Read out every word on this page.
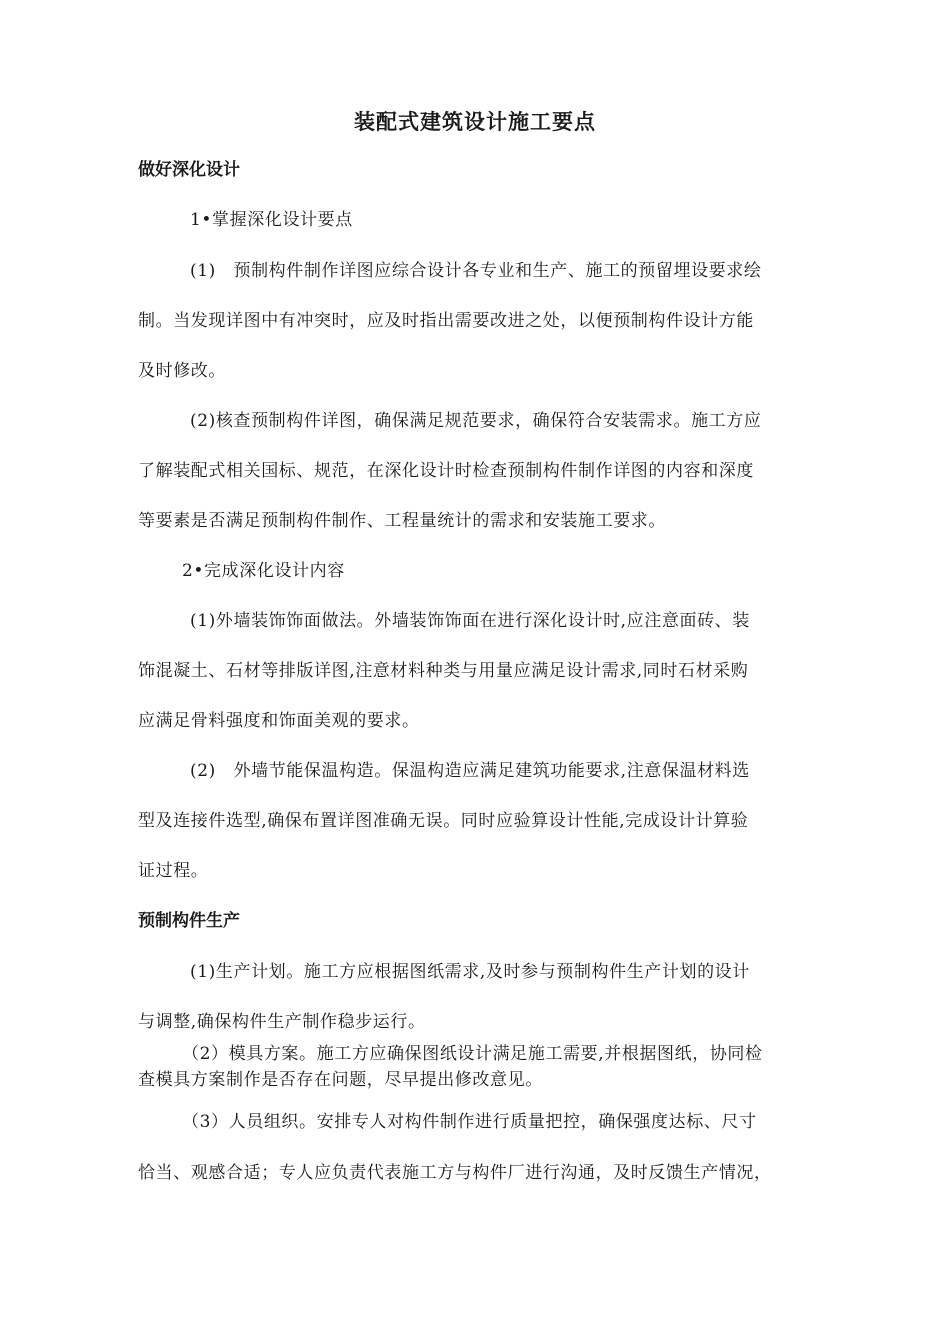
装配式建筑设计施工要点
做好深化设计

1•掌握深化设计要点

(1)　预制构件制作详图应综合设计各专业和生产、施工的预留埋设要求绘

制。当发现详图中有冲突时，应及时指出需要改进之处，以便预制构件设计方能

及时修改。

(2)核查预制构件详图，确保满足规范要求，确保符合安装需求。施工方应

了解装配式相关国标、规范，在深化设计时检查预制构件制作详图的内容和深度

等要素是否满足预制构件制作、工程量统计的需求和安装施工要求。

2•完成深化设计内容

(1)外墙装饰饰面做法。外墙装饰饰面在进行深化设计时,应注意面砖、装

饰混凝土、石材等排版详图,注意材料种类与用量应满足设计需求,同时石材采购

应满足骨料强度和饰面美观的要求。

(2)　外墙节能保温构造。保温构造应满足建筑功能要求,注意保温材料选

型及连接件选型,确保布置详图准确无误。同时应验算设计性能,完成设计计算验

证过程。

预制构件生产

(1)生产计划。施工方应根据图纸需求,及时参与预制构件生产计划的设计

与调整,确保构件生产制作稳步运行。

（2）模具方案。施工方应确保图纸设计满足施工需要,并根据图纸，协同检

查模具方案制作是否存在问题，尽早提出修改意见。

（3）人员组织。安排专人对构件制作进行质量把控，确保强度达标、尺寸

恰当、观感合适；专人应负责代表施工方与构件厂进行沟通，及时反馈生产情况，
